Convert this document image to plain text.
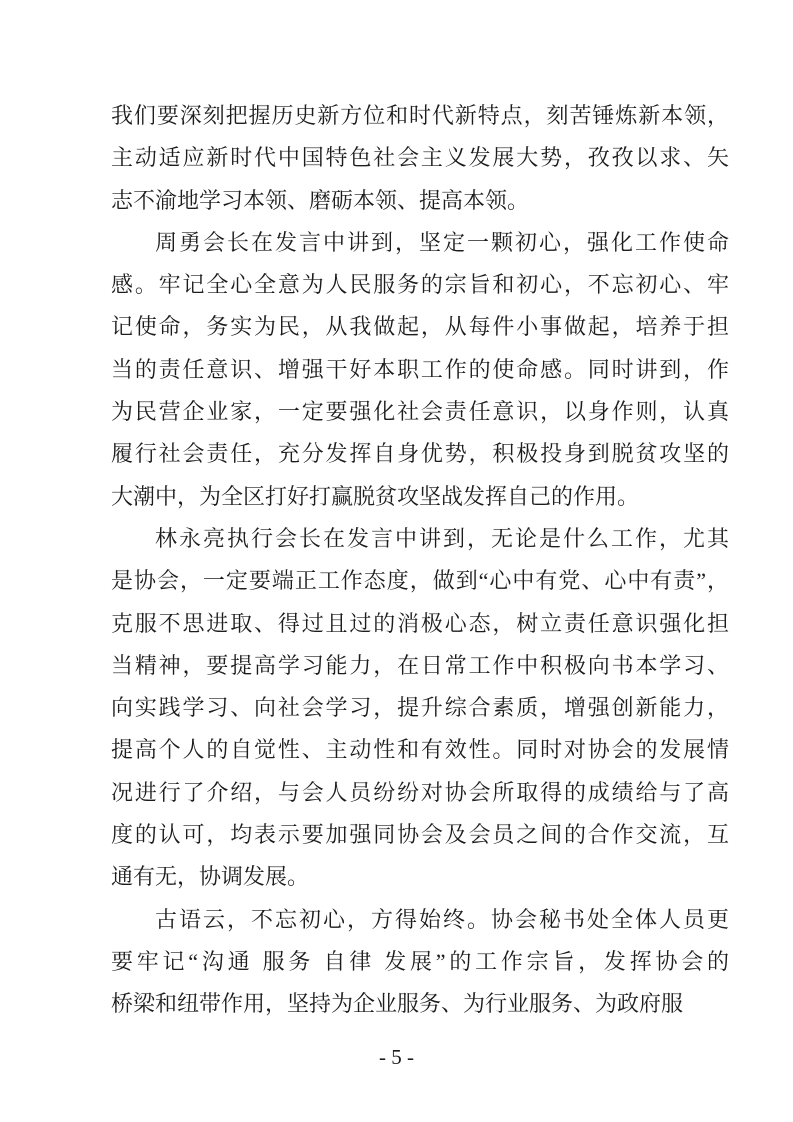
我们要深刻把握历史新方位和时代新特点，刻苦锤炼新本领，
主动适应新时代中国特色社会主义发展大势，孜孜以求、矢
志不渝地学习本领、磨砺本领、提高本领。
周勇会长在发言中讲到，坚定一颗初心，强化工作使命
感。牢记全心全意为人民服务的宗旨和初心，不忘初心、牢
记使命，务实为民，从我做起，从每件小事做起，培养于担
当的责任意识、增强干好本职工作的使命感。同时讲到，作
为民营企业家，一定要强化社会责任意识，以身作则，认真
履行社会责任，充分发挥自身优势，积极投身到脱贫攻坚的
大潮中，为全区打好打赢脱贫攻坚战发挥自己的作用。
林永亮执行会长在发言中讲到，无论是什么工作，尤其
是协会，一定要端正工作态度，做到“心中有党、心中有责”，
克服不思进取、得过且过的消极心态，树立责任意识强化担
当精神，要提高学习能力，在日常工作中积极向书本学习、
向实践学习、向社会学习，提升综合素质，增强创新能力，
提高个人的自觉性、主动性和有效性。同时对协会的发展情
况进行了介绍，与会人员纷纷对协会所取得的成绩给与了高
度的认可，均表示要加强同协会及会员之间的合作交流，互
通有无，协调发展。
古语云，不忘初心，方得始终。协会秘书处全体人员更
要牢记“沟通 服务 自律 发展”的工作宗旨，发挥协会的
桥梁和纽带作用，坚持为企业服务、为行业服务、为政府服
- 5 -
